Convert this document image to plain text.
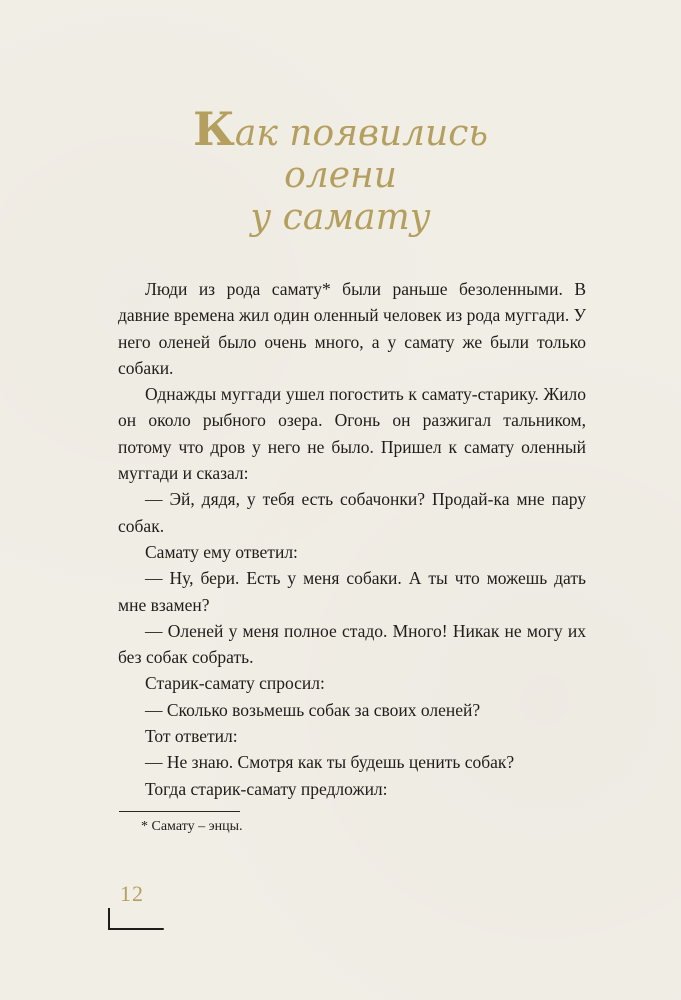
Как появились
олени
у самату

Люди из рода самату* были раньше безоленными. В давние времена жил один оленный человек из рода муггади. У него оленей было очень много, а у самату же были только собаки.

Однажды муггади ушел погостить к самату-старику. Жило он около рыбного озера. Огонь он разжигал тальником, потому что дров у него не было. Пришел к самату оленный муггади и сказал:

— Эй, дядя, у тебя есть собачонки? Продай-ка мне пару собак.

Самату ему ответил:

— Ну, бери. Есть у меня собаки. А ты что можешь дать мне взамен?

— Оленей у меня полное стадо. Много! Никак не могу их без собак собрать.

Старик-самату спросил:

— Сколько возьмешь собак за своих оленей?

Тот ответил:

— Не знаю. Смотря как ты будешь ценить собак?

Тогда старик-самату предложил:

* Самату – энцы.
12
